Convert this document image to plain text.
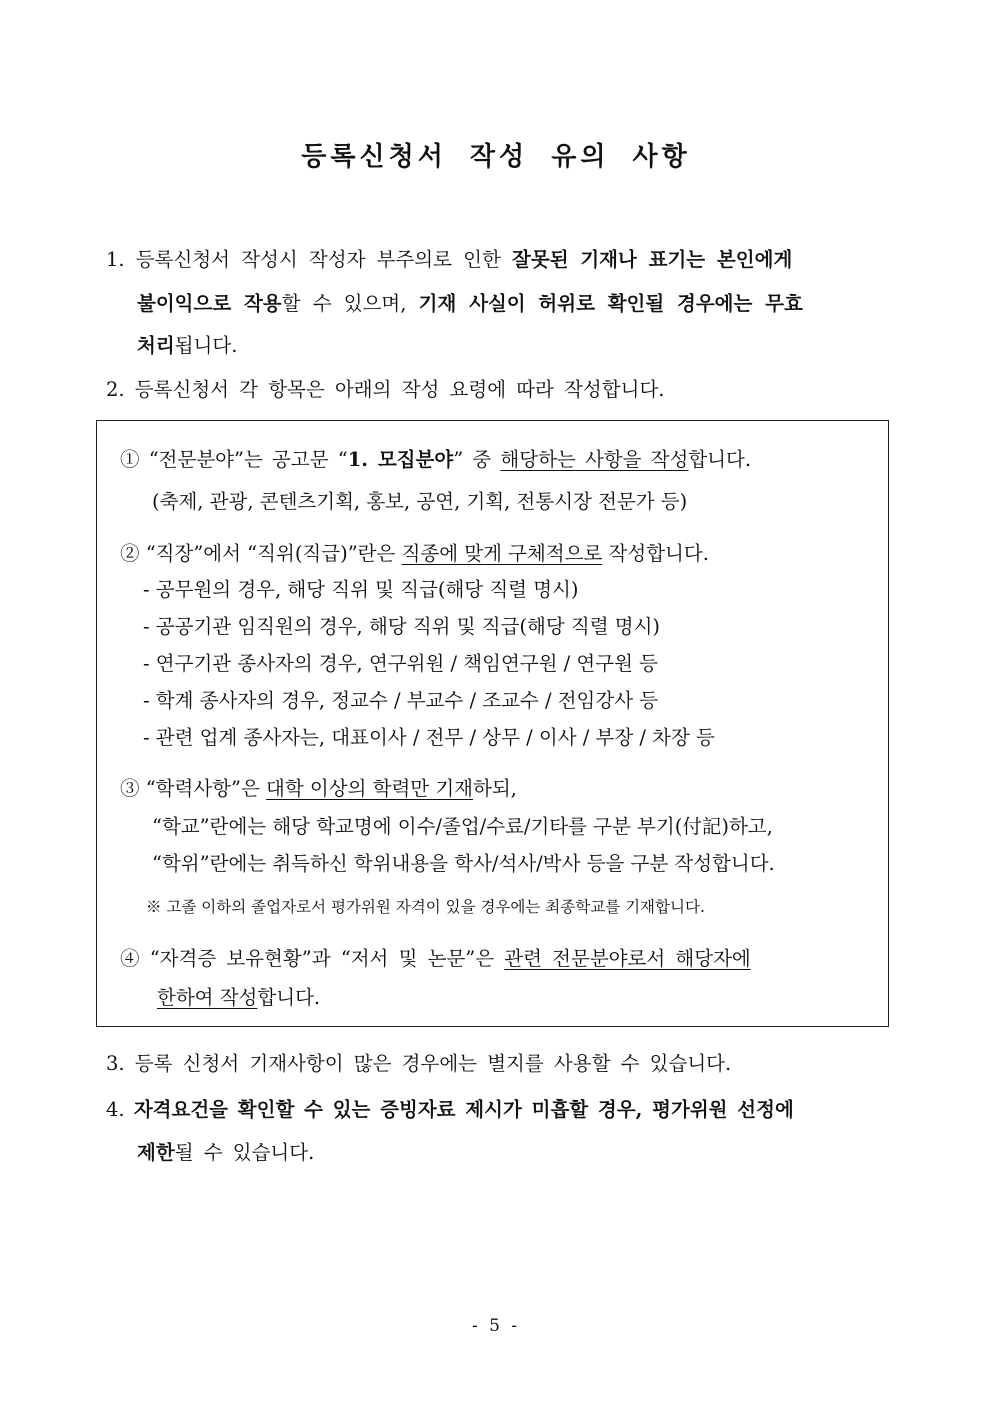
등록신청서 작성 유의 사항
1. 등록신청서 작성시 작성자 부주의로 인한 잘못된 기재나 표기는 본인에게
불이익으로 작용할 수 있으며, 기재 사실이 허위로 확인될 경우에는 무효
처리됩니다.
2. 등록신청서 각 항목은 아래의 작성 요령에 따라 작성합니다.
① “전문분야”는 공고문 “1. 모집분야” 중 해당하는 사항을 작성합니다.
(축제, 관광, 콘텐츠기획, 홍보, 공연, 기획, 전통시장 전문가 등)
② “직장”에서 “직위(직급)”란은 직종에 맞게 구체적으로 작성합니다.
- 공무원의 경우, 해당 직위 및 직급(해당 직렬 명시)
- 공공기관 임직원의 경우, 해당 직위 및 직급(해당 직렬 명시)
- 연구기관 종사자의 경우, 연구위원 / 책임연구원 / 연구원 등
- 학계 종사자의 경우, 정교수 / 부교수 / 조교수 / 전임강사 등
- 관련 업계 종사자는, 대표이사 / 전무 / 상무 / 이사 / 부장 / 차장 등
③ “학력사항”은 대학 이상의 학력만 기재하되,
“학교”란에는 해당 학교명에 이수/졸업/수료/기타를 구분 부기(付記)하고,
“학위”란에는 취득하신 학위내용을 학사/석사/박사 등을 구분 작성합니다.
※ 고졸 이하의 졸업자로서 평가위원 자격이 있을 경우에는 최종학교를 기재합니다.
④ “자격증 보유현황”과 “저서 및 논문”은 관련 전문분야로서 해당자에
한하여 작성합니다.
3. 등록 신청서 기재사항이 많은 경우에는 별지를 사용할 수 있습니다.
4. 자격요건을 확인할 수 있는 증빙자료 제시가 미흡할 경우, 평가위원 선정에
제한될 수 있습니다.
- 5 -
